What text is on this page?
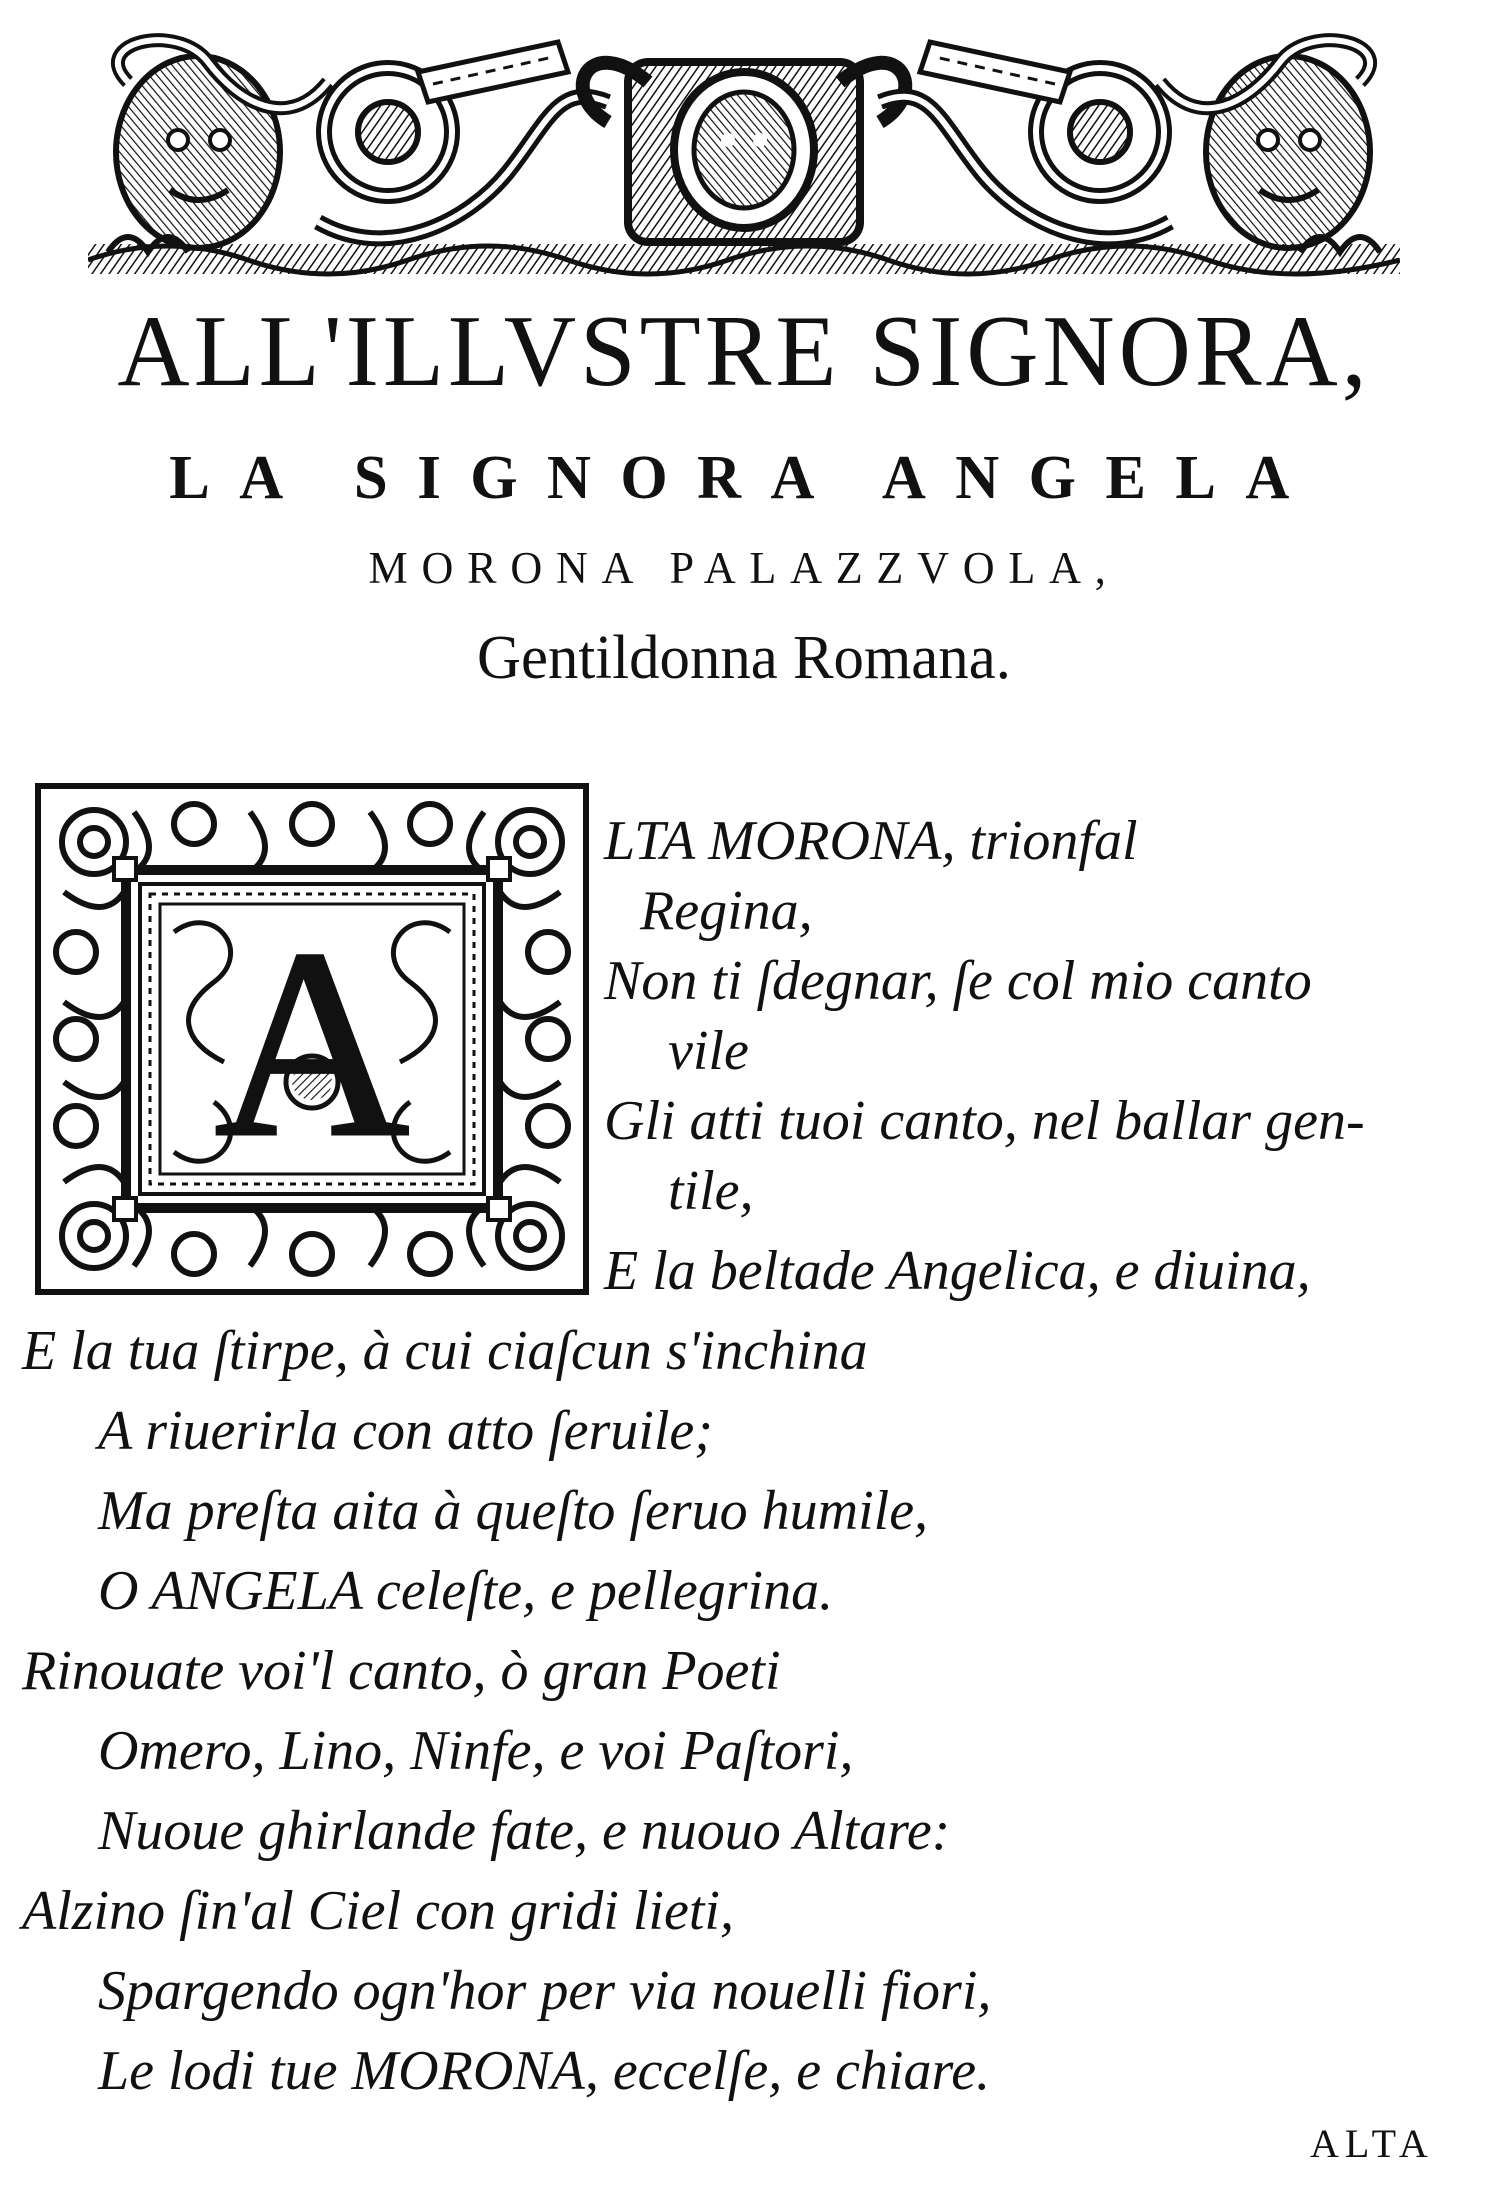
ALL'ILLVSTRE SIGNORA,
LA SIGNORA ANGELA
MORONA PALAZZVOLA,
Gentildonna Romana.
A
LTA MORONA, trionfal
Regina,
Non ti ſdegnar, ſe col mio canto
vile
Gli atti tuoi canto, nel ballar gen-
tile,
E la beltade Angelica, e diuina,
E la tua ſtirpe, à cui ciaſcun s'inchina
A riuerirla con atto ſeruile;
Ma preſta aita à queſto ſeruo humile,
O ANGELA celeſte, e pellegrina.
Rinouate voi'l canto, ò gran Poeti
Omero, Lino, Ninfe, e voi Paſtori,
Nuoue ghirlande fate, e nuouo Altare:
Alzino ſin'al Ciel con gridi lieti,
Spargendo ogn'hor per via nouelli fiori,
Le lodi tue MORONA, eccelſe, e chiare.
ALTA
